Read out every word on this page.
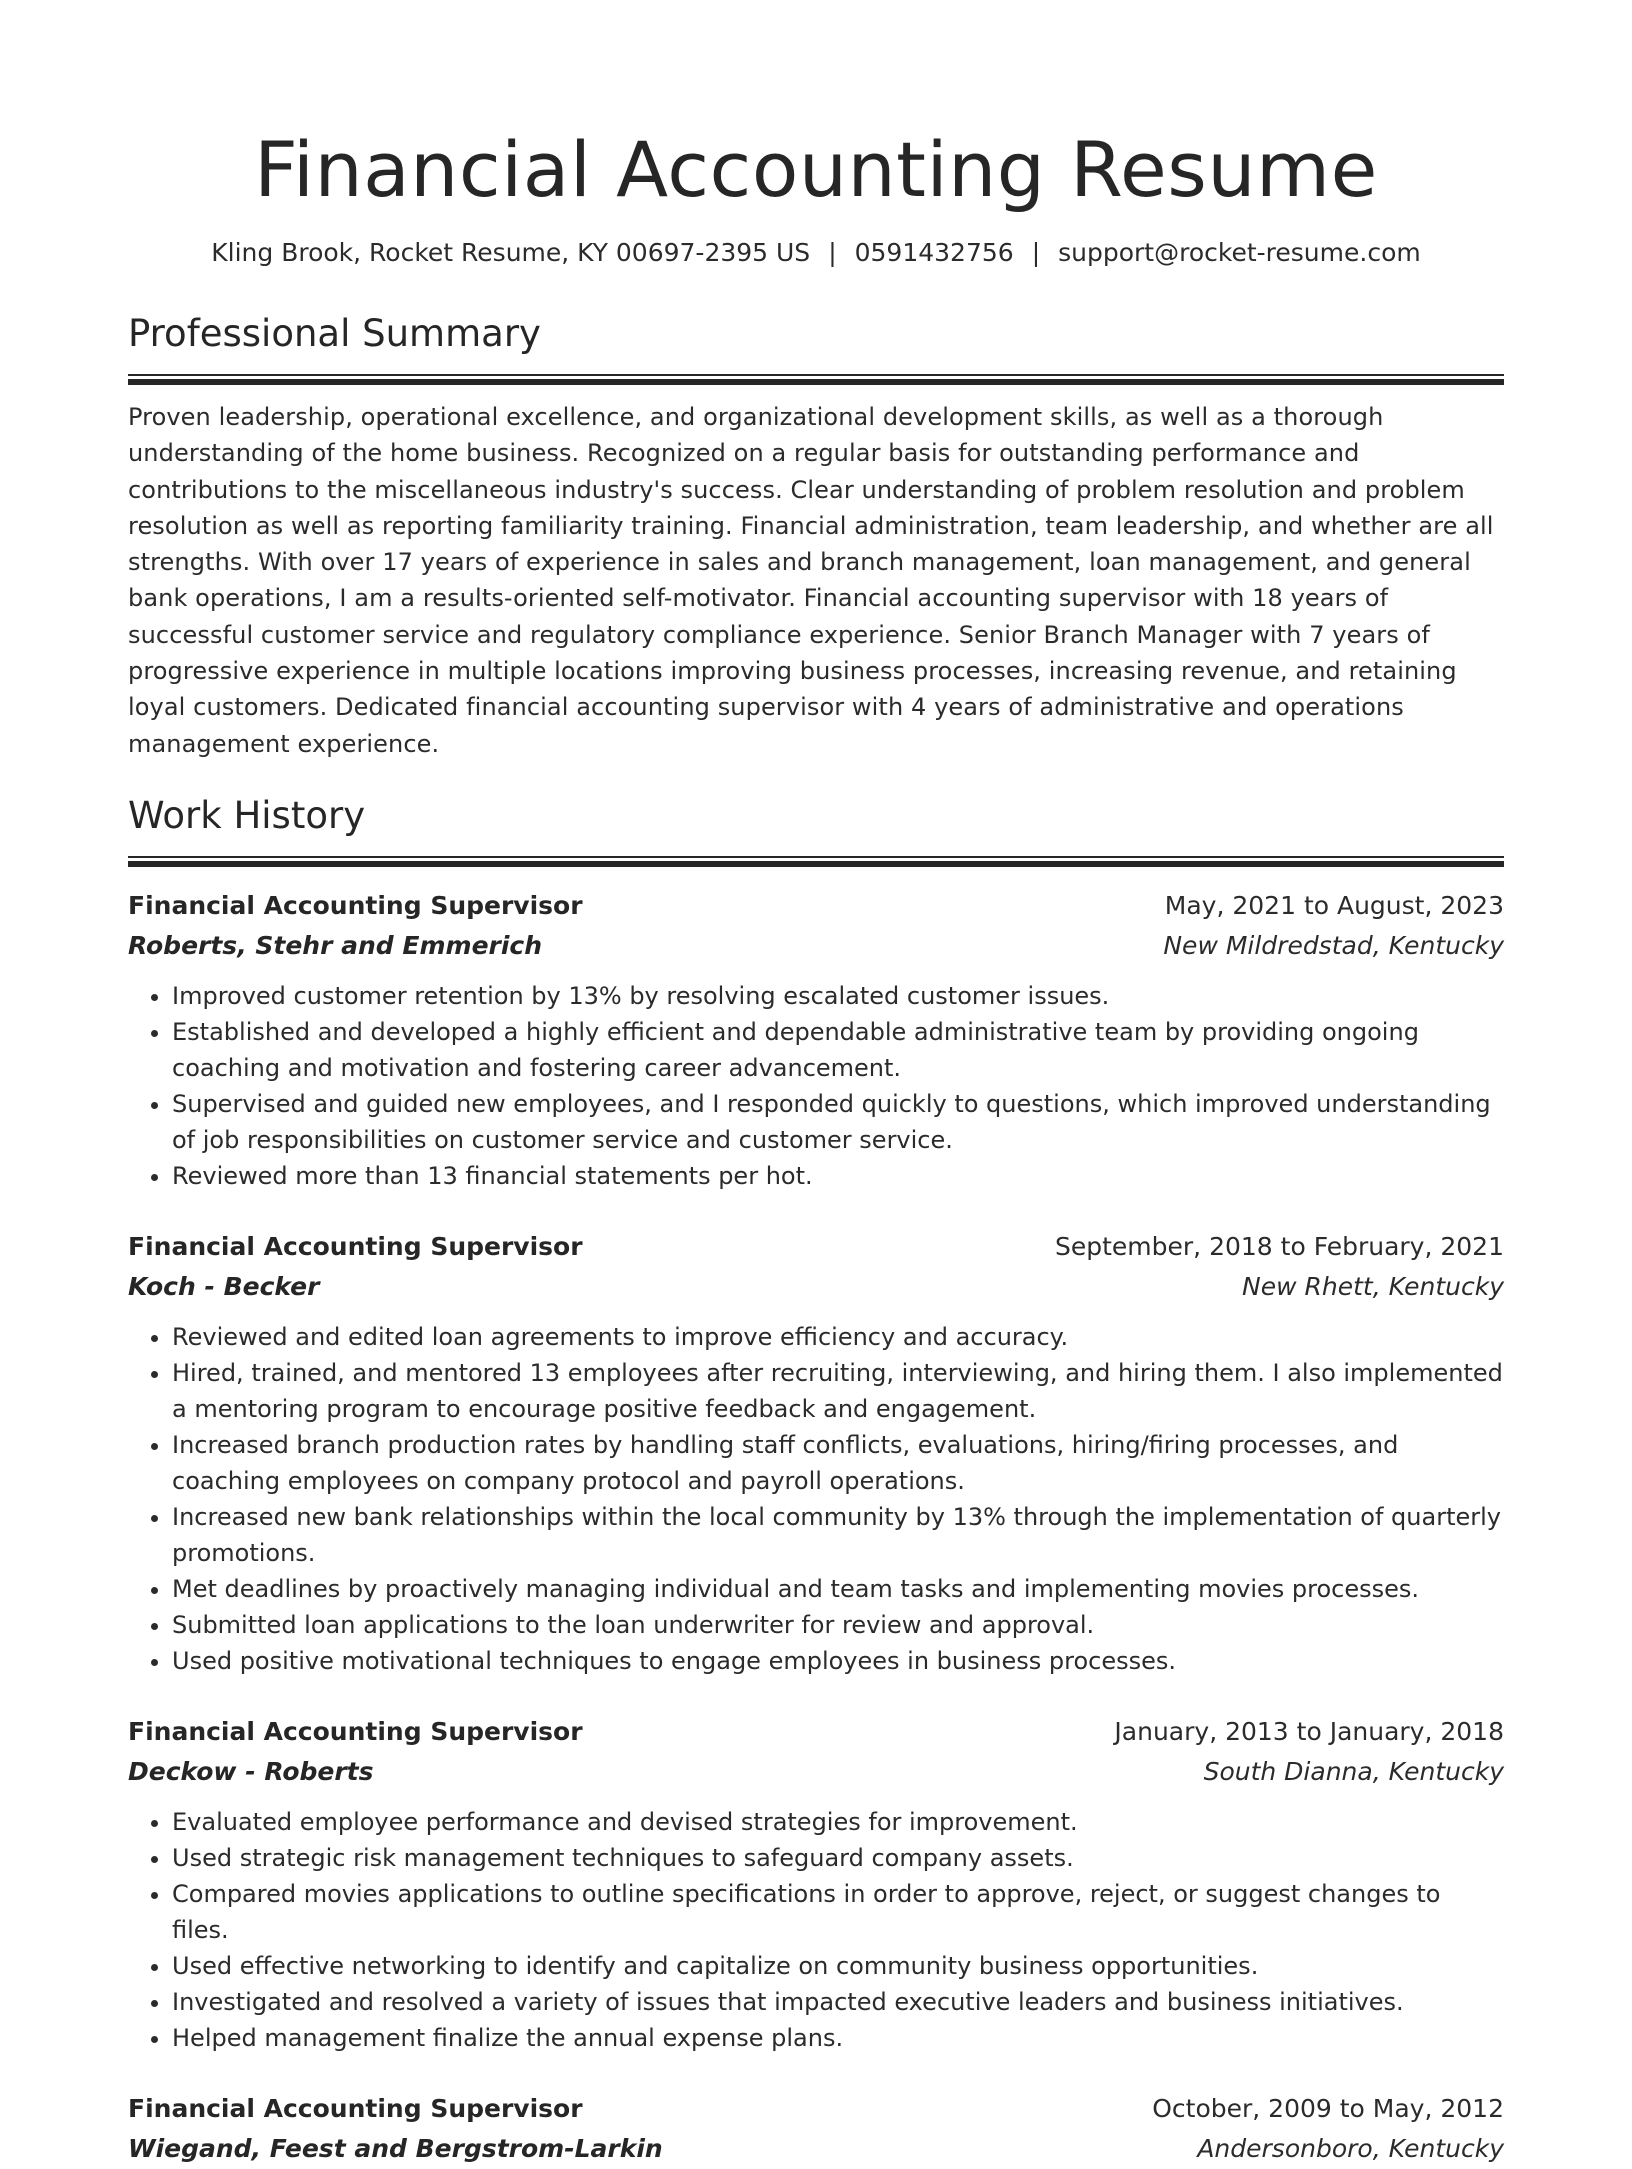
Financial Accounting Resume
Kling Brook, Rocket Resume, KY 00697-2395 US | 0591432756 | support@rocket-resume.com
Professional Summary

Proven leadership, operational excellence, and organizational development skills, as well as a thorough understanding of the home business. Recognized on a regular basis for outstanding performance and contributions to the miscellaneous industry's success. Clear understanding of problem resolution and problem resolution as well as reporting familiarity training. Financial administration, team leadership, and whether are all strengths. With over 17 years of experience in sales and branch management, loan management, and general bank operations, I am a results-oriented self-motivator. Financial accounting supervisor with 18 years of successful customer service and regulatory compliance experience. Senior Branch Manager with 7 years of progressive experience in multiple locations improving business processes, increasing revenue, and retaining loyal customers. Dedicated financial accounting supervisor with 4 years of administrative and operations management experience.

Work History
Financial Accounting Supervisor	May, 2021 to August, 2023
Roberts, Stehr and Emmerich	New Mildredstad, Kentucky
• Improved customer retention by 13% by resolving escalated customer issues.
• Established and developed a highly efficient and dependable administrative team by providing ongoing coaching and motivation and fostering career advancement.
• Supervised and guided new employees, and I responded quickly to questions, which improved understanding of job responsibilities on customer service and customer service.
• Reviewed more than 13 financial statements per hot.
Financial Accounting Supervisor	September, 2018 to February, 2021
Koch - Becker	New Rhett, Kentucky
• Reviewed and edited loan agreements to improve efficiency and accuracy.
• Hired, trained, and mentored 13 employees after recruiting, interviewing, and hiring them. I also implemented a mentoring program to encourage positive feedback and engagement.
• Increased branch production rates by handling staff conflicts, evaluations, hiring/firing processes, and coaching employees on company protocol and payroll operations.
• Increased new bank relationships within the local community by 13% through the implementation of quarterly promotions.
• Met deadlines by proactively managing individual and team tasks and implementing movies processes.
• Submitted loan applications to the loan underwriter for review and approval.
• Used positive motivational techniques to engage employees in business processes.
Financial Accounting Supervisor	January, 2013 to January, 2018
Deckow - Roberts	South Dianna, Kentucky
• Evaluated employee performance and devised strategies for improvement.
• Used strategic risk management techniques to safeguard company assets.
• Compared movies applications to outline specifications in order to approve, reject, or suggest changes to files.
• Used effective networking to identify and capitalize on community business opportunities.
• Investigated and resolved a variety of issues that impacted executive leaders and business initiatives.
• Helped management finalize the annual expense plans.
Financial Accounting Supervisor	October, 2009 to May, 2012
Wiegand, Feest and Bergstrom-Larkin	Andersonboro, Kentucky
